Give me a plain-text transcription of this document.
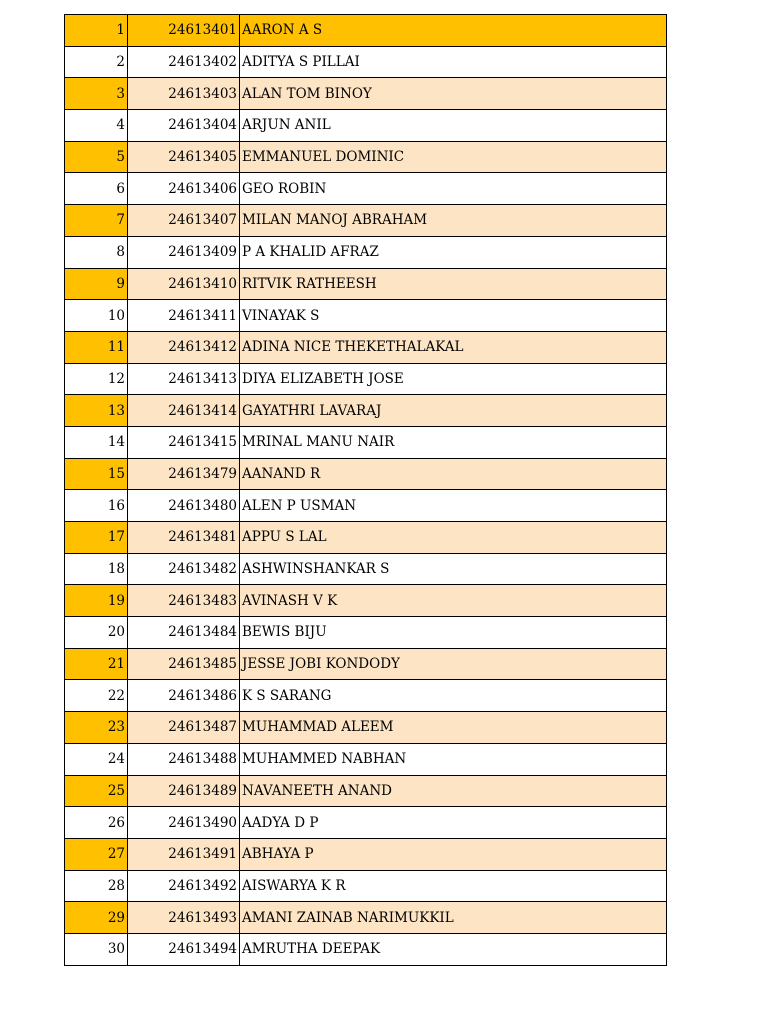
1	24613401	AARON A S
2	24613402	ADITYA S PILLAI
3	24613403	ALAN TOM BINOY
4	24613404	ARJUN ANIL
5	24613405	EMMANUEL DOMINIC
6	24613406	GEO ROBIN
7	24613407	MILAN MANOJ ABRAHAM
8	24613409	P A KHALID AFRAZ
9	24613410	RITVIK RATHEESH
10	24613411	VINAYAK S
11	24613412	ADINA NICE THEKETHALAKAL
12	24613413	DIYA ELIZABETH JOSE
13	24613414	GAYATHRI LAVARAJ
14	24613415	MRINAL MANU NAIR
15	24613479	AANAND R
16	24613480	ALEN P USMAN
17	24613481	APPU S LAL
18	24613482	ASHWINSHANKAR S
19	24613483	AVINASH V K
20	24613484	BEWIS BIJU
21	24613485	JESSE JOBI KONDODY
22	24613486	K S SARANG
23	24613487	MUHAMMAD ALEEM
24	24613488	MUHAMMED NABHAN
25	24613489	NAVANEETH ANAND
26	24613490	AADYA D P
27	24613491	ABHAYA P
28	24613492	AISWARYA K R
29	24613493	AMANI ZAINAB NARIMUKKIL
30	24613494	AMRUTHA DEEPAK
